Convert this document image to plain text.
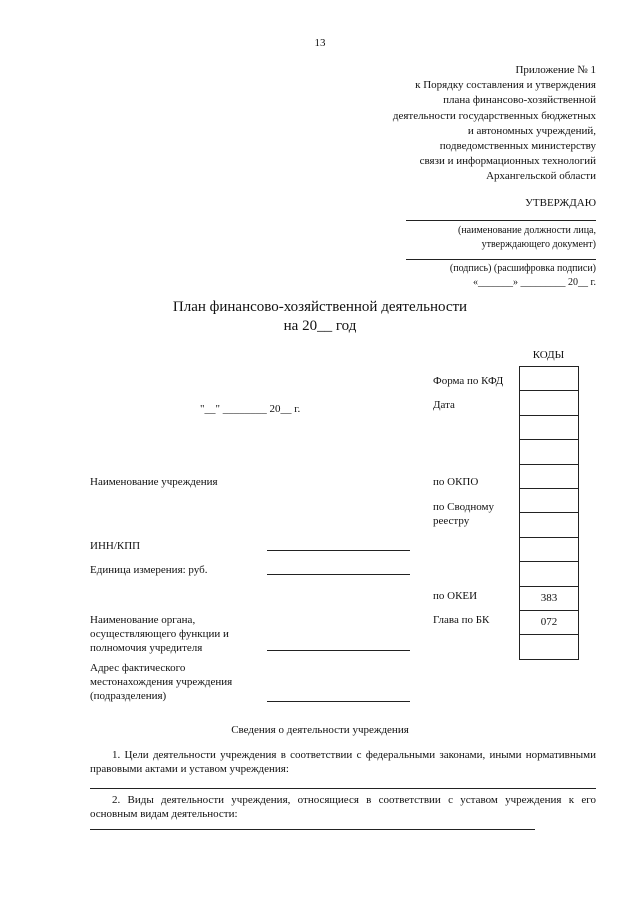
13
Приложение № 1
к Порядку составления и утверждения
плана финансово-хозяйственной
деятельности государственных бюджетных
и автономных учреждений,
подведомственных министерству
связи и информационных технологий
Архангельской области
УТВЕРЖДАЮ
(наименование должности лица,
утверждающего документ)
(подпись) (расшифровка подписи)
«_______» _________ 20__ г.
План финансово-хозяйственной деятельности
на 20__ год
КОДЫ
383
072
Форма по КФД
Дата
"__" ________ 20__ г.
по ОКПО
по Сводному
реестру
по ОКЕИ
Глава по БК
Наименование учреждения
ИНН/КПП
Единица измерения: руб.
Наименование органа,
осуществляющего функции и
полномочия учредителя
Адрес фактического
местонахождения учреждения
(подразделения)
Сведения о деятельности учреждения
1. Цели деятельности учреждения в соответствии с федеральными законами, иными нормативными правовыми актами и уставом учреждения:
2. Виды деятельности учреждения, относящиеся в соответствии с уставом учреждения к его основным видам деятельности:
